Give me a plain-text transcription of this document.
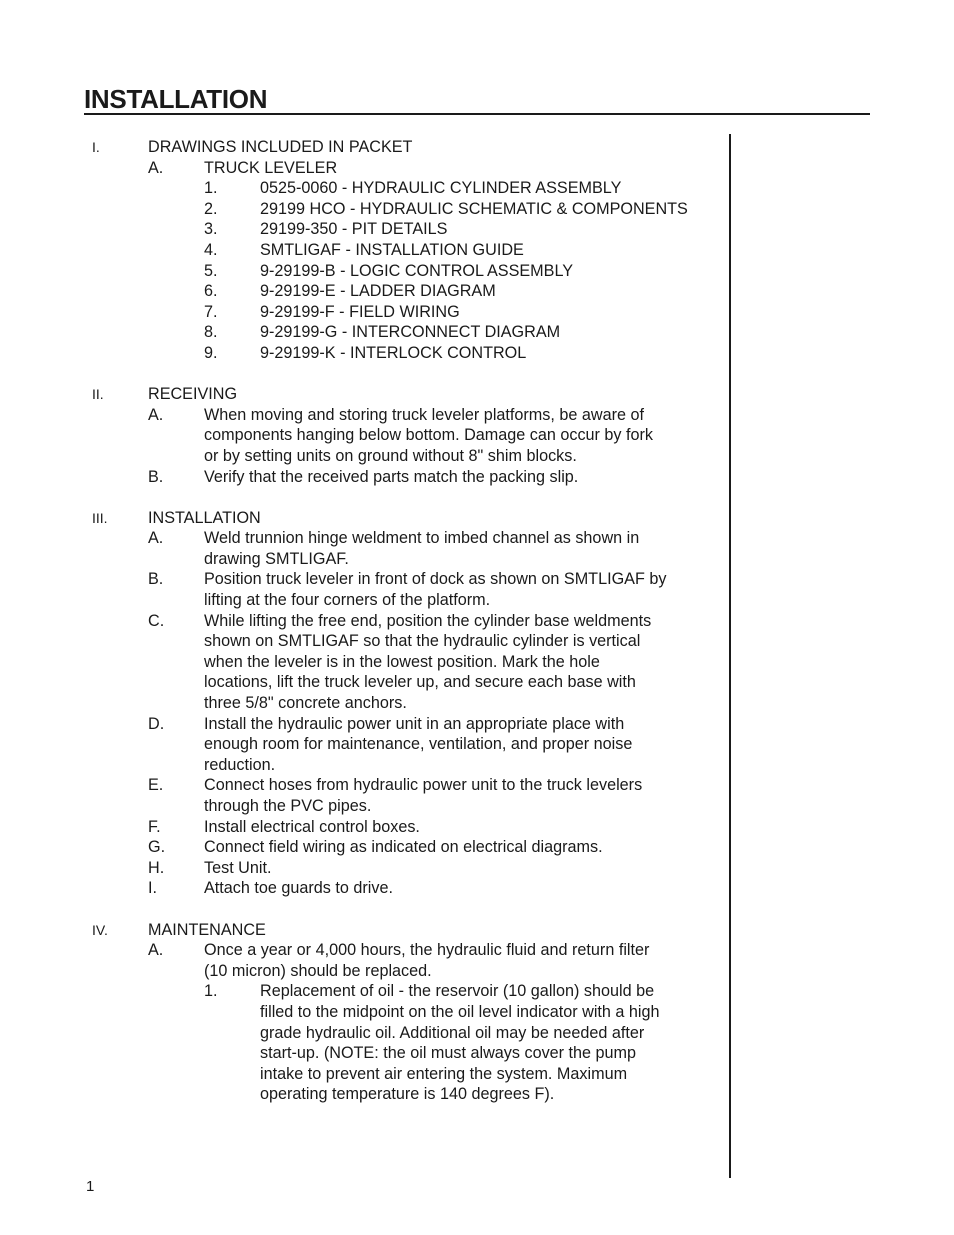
INSTALLATION
I.	DRAWINGS INCLUDED IN PACKET
A.	TRUCK LEVELER
1.	0525-0060 - HYDRAULIC CYLINDER ASSEMBLY
2.	29199 HCO - HYDRAULIC SCHEMATIC & COMPONENTS
3.	29199-350 - PIT DETAILS
4.	SMTLIGAF - INSTALLATION GUIDE
5.	9-29199-B - LOGIC CONTROL ASSEMBLY
6.	9-29199-E - LADDER DIAGRAM
7.	9-29199-F - FIELD WIRING
8.	9-29199-G - INTERCONNECT DIAGRAM
9.	9-29199-K - INTERLOCK CONTROL
II.	RECEIVING
A.	When moving and storing truck leveler platforms, be aware of
components hanging below bottom. Damage can occur by fork
or by setting units on ground without 8" shim blocks.
B.	Verify that the received parts match the packing slip.
III. INSTALLATION
A.	Weld trunnion hinge weldment to imbed channel as shown in
drawing SMTLIGAF.
B.	Position truck leveler in front of dock as shown on SMTLIGAF by
lifting at the four corners of the platform.
C. While lifting the free end, position the cylinder base weldments
shown on SMTLIGAF so that the hydraulic cylinder is vertical
when the leveler is in the lowest position. Mark the hole
locations, lift the truck leveler up, and secure each base with
three 5/8" concrete anchors.
D. Install the hydraulic power unit in an appropriate place with
enough room for maintenance, ventilation, and proper noise
reduction.
E.	Connect hoses from hydraulic power unit to the truck levelers
through the PVC pipes.
F.	Install electrical control boxes.
G. Connect field wiring as indicated on electrical diagrams.
H. Test Unit.
I.	Attach toe guards to drive.
IV. MAINTENANCE
A.	Once a year or 4,000 hours, the hydraulic fluid and return filter
(10 micron) should be replaced.
1.	Replacement of oil - the reservoir (10 gallon) should be
filled to the midpoint on the oil level indicator with a high
grade hydraulic oil. Additional oil may be needed after
start-up. (NOTE: the oil must always cover the pump
intake to prevent air entering the system. Maximum
operating temperature is 140 degrees F).
1
